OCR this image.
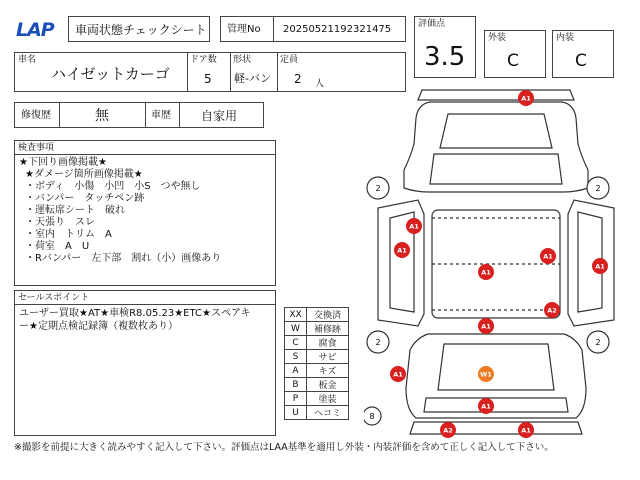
LAP 車両状態チェックシート 管理No 20250521192321475	評価点
3.5
外装
C
内装
C
車名
ハイゼットカーゴ
ドア数
5
形状
軽-バン
定員
2 人
修復歴	無	車歴	自家用
検査事項
★下回り画像掲載★
★ダメージ箇所画像掲載★
・ボディ　小傷　小凹　小S　つや無し
・バンパー　タッチペン跡
・運転席シート　破れ
・天張り　スレ
・室内　トリム　A
・荷室　A　U
・Rバンパー　左下部　割れ（小）画像あり
セールスポイント
ユーザー買取★AT★車検R8.05.23★ETC★スペアキ
ー★定期点検記録簿（複数枚あり）
XX	交換済
W	補修跡
C	腐食
S	サビ
A	キズ
B	板金
P	塗装
U	ヘコミ
A1
A1
A1
A1
A1
A1
A2
A1
W1
A1
A2
A1
A1
2	2
2	2
8
※撮影を前提に大きく読みやすく記入して下さい。評価点はLAA基準を適用し外装・内装評価を含めて正しく記入して下さい。
